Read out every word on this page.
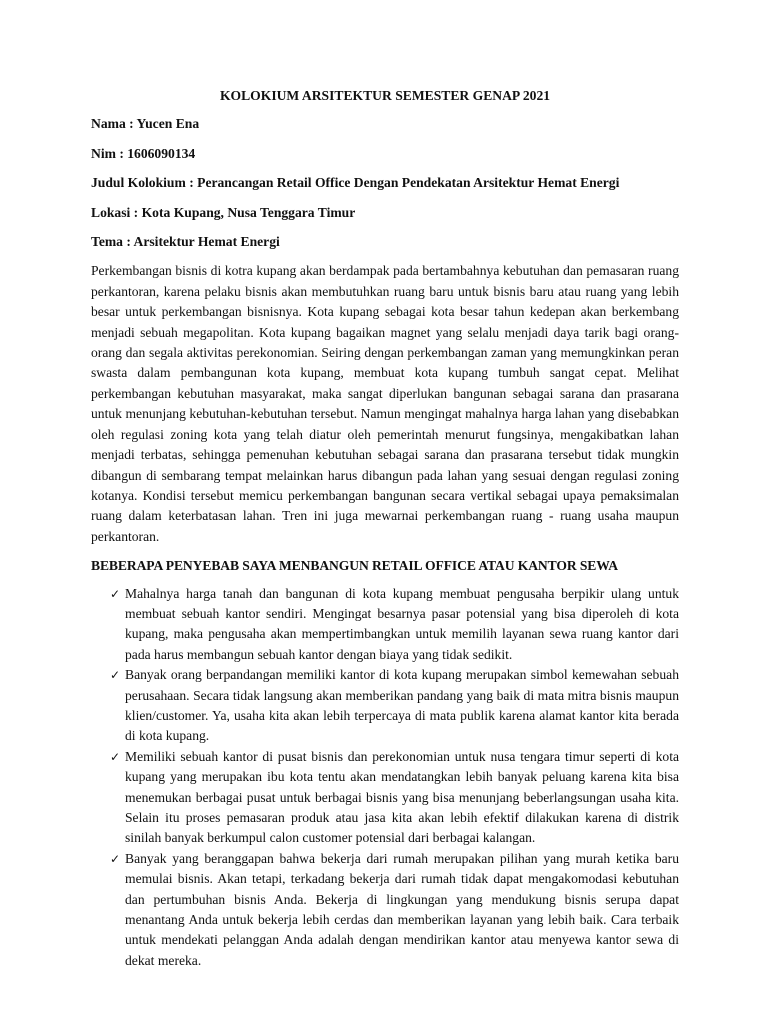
KOLOKIUM ARSITEKTUR SEMESTER GENAP 2021

Nama : Yucen Ena

Nim : 1606090134

Judul Kolokium : Perancangan Retail Office Dengan Pendekatan Arsitektur Hemat Energi

Lokasi : Kota Kupang, Nusa Tenggara Timur

Tema : Arsitektur Hemat Energi

Perkembangan bisnis di kotra kupang akan berdampak pada bertambahnya kebutuhan dan pemasaran ruang perkantoran, karena pelaku bisnis akan membutuhkan ruang baru untuk bisnis baru atau ruang yang lebih besar untuk perkembangan bisnisnya. Kota kupang sebagai kota besar tahun kedepan akan berkembang menjadi sebuah megapolitan. Kota kupang bagaikan magnet yang selalu menjadi daya tarik bagi orang-orang dan segala aktivitas perekonomian. Seiring dengan perkembangan zaman yang memungkinkan peran swasta dalam pembangunan kota kupang, membuat kota kupang tumbuh sangat cepat. Melihat perkembangan kebutuhan masyarakat, maka sangat diperlukan bangunan sebagai sarana dan prasarana untuk menunjang kebutuhan-kebutuhan tersebut. Namun mengingat mahalnya harga lahan yang disebabkan oleh regulasi zoning kota yang telah diatur oleh pemerintah menurut fungsinya, mengakibatkan lahan menjadi terbatas, sehingga pemenuhan kebutuhan sebagai sarana dan prasarana tersebut tidak mungkin dibangun di sembarang tempat melainkan harus dibangun pada lahan yang sesuai dengan regulasi zoning kotanya. Kondisi tersebut memicu perkembangan bangunan secara vertikal sebagai upaya pemaksimalan ruang dalam keterbatasan lahan. Tren ini juga mewarnai perkembangan ruang - ruang usaha maupun perkantoran.

BEBERAPA PENYEBAB SAYA MENBANGUN RETAIL OFFICE ATAU KANTOR SEWA

✓ Mahalnya harga tanah dan bangunan di kota kupang membuat pengusaha berpikir ulang untuk membuat sebuah kantor sendiri. Mengingat besarnya pasar potensial yang bisa diperoleh di kota kupang, maka pengusaha akan mempertimbangkan untuk memilih layanan sewa ruang kantor dari pada harus membangun sebuah kantor dengan biaya yang tidak sedikit.
✓ Banyak orang berpandangan memiliki kantor di kota kupang merupakan simbol kemewahan sebuah perusahaan. Secara tidak langsung akan memberikan pandang yang baik di mata mitra bisnis maupun klien/customer. Ya, usaha kita akan lebih terpercaya di mata publik karena alamat kantor kita berada di kota kupang.
✓ Memiliki sebuah kantor di pusat bisnis dan perekonomian untuk nusa tengara timur seperti di kota kupang yang merupakan ibu kota tentu akan mendatangkan lebih banyak peluang karena kita bisa menemukan berbagai pusat untuk berbagai bisnis yang bisa menunjang beberlangsungan usaha kita. Selain itu proses pemasaran produk atau jasa kita akan lebih efektif dilakukan karena di distrik sinilah banyak berkumpul calon customer potensial dari berbagai kalangan.
✓ Banyak yang beranggapan bahwa bekerja dari rumah merupakan pilihan yang murah ketika baru memulai bisnis. Akan tetapi, terkadang bekerja dari rumah tidak dapat mengakomodasi kebutuhan dan pertumbuhan bisnis Anda. Bekerja di lingkungan yang mendukung bisnis serupa dapat menantang Anda untuk bekerja lebih cerdas dan memberikan layanan yang lebih baik. Cara terbaik untuk mendekati pelanggan Anda adalah dengan mendirikan kantor atau menyewa kantor sewa di dekat mereka.
